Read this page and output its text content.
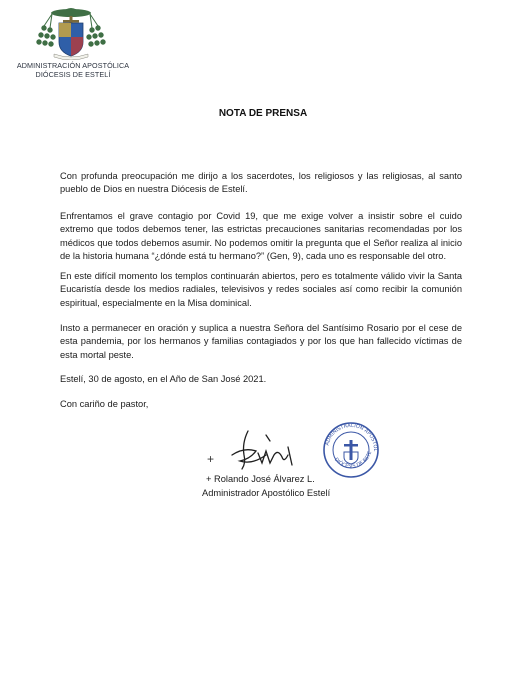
ADMINISTRACIÓN APOSTÓLICA
DIÓCESIS DE ESTELÍ
NOTA DE PRENSA
Con profunda preocupación me dirijo a los sacerdotes, los religiosos y las religiosas, al santo pueblo de Dios en nuestra Diócesis de Estelí.
Enfrentamos el grave contagio por Covid 19, que me exige volver a insistir sobre el cuido extremo que todos debemos tener, las estrictas precauciones sanitarias recomendadas por los médicos que todos debemos asumir. No podemos omitir la pregunta que el Señor realiza al inicio de la historia humana “¿dónde está tu hermano?” (Gen, 9), cada uno es responsable del otro.
En este difícil momento los templos continuarán abiertos, pero es totalmente válido vivir la Santa Eucaristía desde los medios radiales, televisivos y redes sociales así como recibir la comunión espiritual, especialmente en la Misa dominical.
Insto a permanecer en oración y suplica a nuestra Señora del Santísimo Rosario por el cese de esta pandemia, por los hermanos y familias contagiados y por los que han fallecido víctimas de esta mortal peste.
Estelí, 30 de agosto, en el Año de San José 2021.
Con cariño de pastor,
+
ADMINISTRACIÓN APOSTÓL
DIÓCESIS DE ESTE
+ Rolando José Álvarez L.
Administrador Apostólico Estelí
